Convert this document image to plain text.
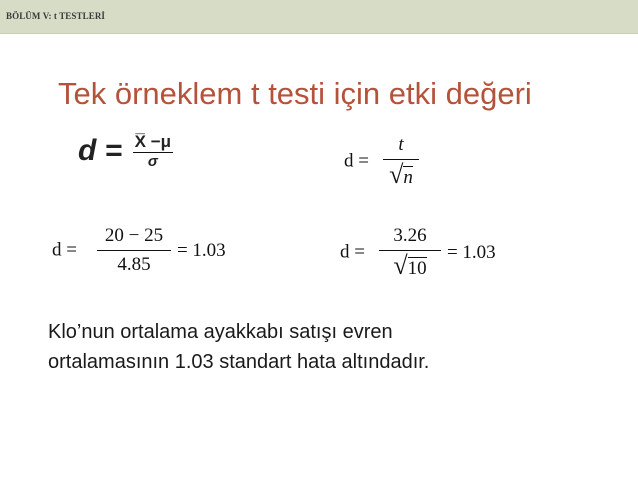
BÖLÜM V: t TESTLERİ
Tek örneklem t testi için etki değeri
$d = \frac{X̅ -\mu}{\sigma}$	$d = \frac{t}{√n}$
$d = \frac{20 - 25}{4.85} = 1.03$	$d = \frac{3.26}{√10} = 1.03$
Klo’nun ortalama ayakkabı satışı evren
ortalamasının 1.03 standart hata altındadır.
